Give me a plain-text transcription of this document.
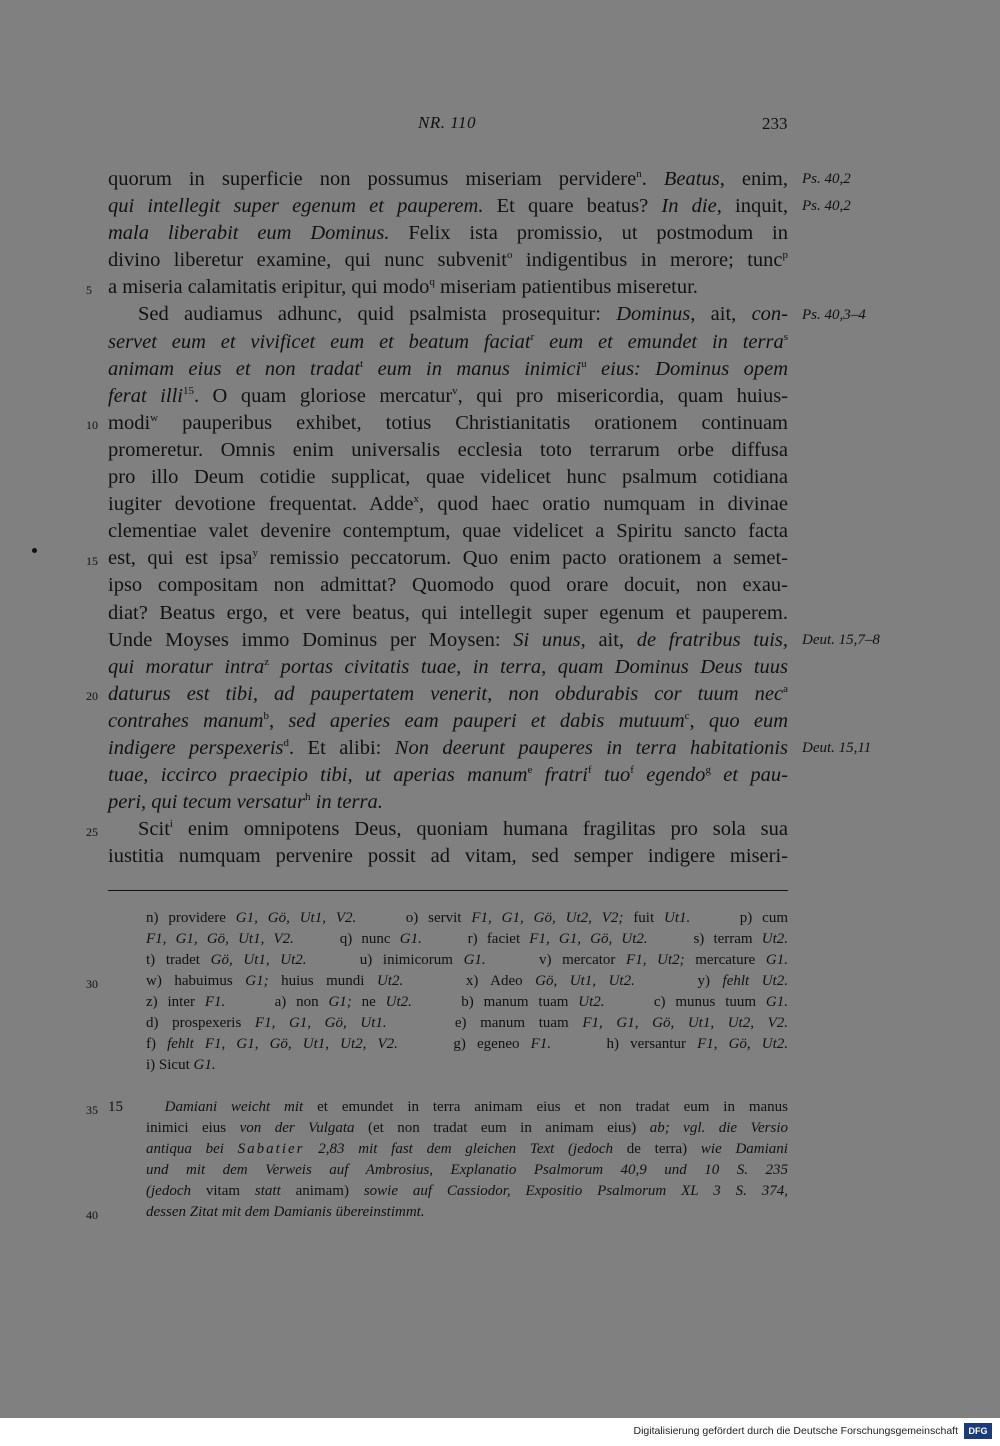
NR. 110	233
quorum in superficie non possumus miseriam pervidere$^n$. Beatus, enim,
qui intellegit super egenum et pauperem. Et quare beatus? In die, inquit,
mala liberabit eum Dominus. Felix ista promissio, ut postmodum in
divino liberetur examine, qui nunc subvenit$^o$ indigentibus in merore; tunc$^p$
a miseria calamitatis eripitur, qui modo$^q$ miseriam patientibus miseretur.
Sed audiamus adhunc, quid psalmista prosequitur: Dominus, ait, con-
servet eum et vivificet eum et beatum faciat$^r$ eum et emundet in terra$^s$
animam eius et non tradat$^t$ eum in manus inimici$^u$ eius: Dominus opem
ferat illi$^{15}$. O quam gloriose mercatur$^v$, qui pro misericordia, quam huius-
modi$^w$ pauperibus exhibet, totius Christianitatis orationem continuam
promeretur. Omnis enim universalis ecclesia toto terrarum orbe diffusa
pro illo Deum cotidie supplicat, quae videlicet hunc psalmum cotidiana
iugiter devotione frequentat. Adde$^x$, quod haec oratio numquam in divinae
clementiae valet devenire contemptum, quae videlicet a Spiritu sancto facta
est, qui est ipsa$^y$ remissio peccatorum. Quo enim pacto orationem a semet-
ipso compositam non admittat? Quomodo quod orare docuit, non exau-
diat? Beatus ergo, et vere beatus, qui intellegit super egenum et pauperem.
Unde Moyses immo Dominus per Moysen: Si unus, ait, de fratribus tuis,
qui moratur intra$^z$ portas civitatis tuae, in terra, quam Dominus Deus tuus
daturus est tibi, ad paupertatem venerit, non obdurabis cor tuum nec$^a$
contrahes manum$^b$, sed aperies eam pauperi et dabis mutuum$^c$, quo eum
indigere perspexeris$^d$. Et alibi: Non deerunt pauperes in terra habitationis
tuae, iccirco praecipio tibi, ut aperias manum$^e$ fratri$^f$ tuo$^f$ egendo$^g$ et pau-
peri, qui tecum versatur$^h$ in terra.
Scit$^i$ enim omnipotens Deus, quoniam humana fragilitas pro sola sua
iustitia numquam pervenire possit ad vitam, sed semper indigere miseri-
Ps. 40,2
Ps. 40,2
Ps. 40,3–4
Deut. 15,7–8
Deut. 15,11
n) providere G1, Gö, Ut1, V2.     o) servit F1, G1, Gö, Ut2, V2; fuit Ut1.     p) cum
F1, G1, Gö, Ut1, V2.     q) nunc G1.     r) faciet F1, G1, Gö, Ut2.     s) terram Ut2.
t) tradet Gö, Ut1, Ut2.     u) inimicorum G1.     v) mercator F1, Ut2; mercature G1.
w) habuimus G1; huius mundi Ut2.     x) Adeo Gö, Ut1, Ut2.     y) fehlt Ut2.
z) inter F1.     a) non G1; ne Ut2.     b) manum tuam Ut2.     c) munus tuum G1.
d) prospexeris F1, G1, Gö, Ut1.     e) manum tuam F1, G1, Gö, Ut1, Ut2, V2.
f) fehlt F1, G1, Gö, Ut1, Ut2, V2.     g) egeneo F1.     h) versantur F1, Gö, Ut2.
i) Sicut G1.
15   Damiani weicht mit et emundet in terra animam eius et non tradat eum in manus
inimici eius von der Vulgata (et non tradat eum in animam eius) ab; vgl. die Versio
antiqua bei Sabatier 2,83 mit fast dem gleichen Text (jedoch de terra) wie Damiani
und mit dem Verweis auf Ambrosius, Explanatio Psalmorum 40,9 und 10 S. 235
(jedoch vitam statt animam) sowie auf Cassiodor, Expositio Psalmorum XL 3 S. 374,
dessen Zitat mit dem Damianis übereinstimmt.
Digitalisierung gefördert durch die Deutsche Forschungsgemeinschaft	DFG
5
10
15
20
25
30
35
40
